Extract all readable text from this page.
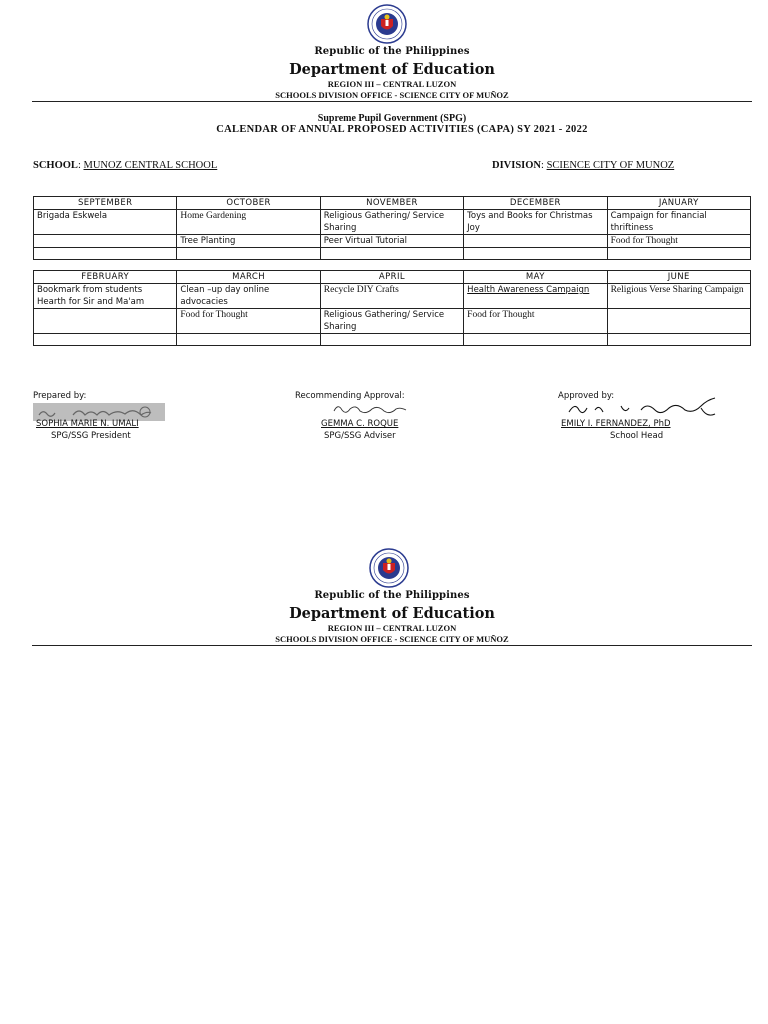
Republic of the Philippines
Department of Education
REGION III – CENTRAL LUZON
SCHOOLS DIVISION OFFICE - SCIENCE CITY OF MUÑOZ
Supreme Pupil Government (SPG)
CALENDAR OF ANNUAL PROPOSED ACTIVITIES (CAPA) SY 2021 - 2022
SCHOOL: MUNOZ CENTRAL SCHOOL	DIVISION: SCIENCE CITY OF MUNOZ
SEPTEMBER	OCTOBER	NOVEMBER	DECEMBER	JANUARY
Brigada Eskwela	Home Gardening	Religious Gathering/ Service Sharing	Toys and Books for Christmas Joy	Campaign for financial thriftiness
	Tree Planting	Peer Virtual Tutorial		Food for Thought

FEBRUARY	MARCH	APRIL	MAY	JUNE
Bookmark from students Hearth for Sir and Ma'am	Clean –up day online advocacies	Recycle DIY Crafts	Health Awareness Campaign	Religious Verse Sharing Campaign
	Food for Thought	Religious Gathering/ Service Sharing	Food for Thought	

Prepared by:
SOPHIA MARIE N. UMALI
SPG/SSG President
Recommending Approval:
GEMMA C. ROQUE
SPG/SSG Adviser
Approved by:
EMILY I. FERNANDEZ, PhD
School Head
Republic of the Philippines
Department of Education
REGION III – CENTRAL LUZON
SCHOOLS DIVISION OFFICE - SCIENCE CITY OF MUÑOZ
